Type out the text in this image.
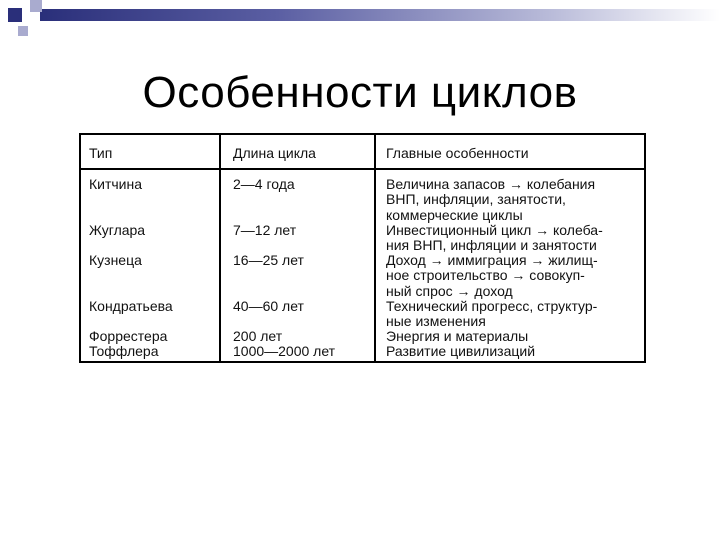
Особенности циклов
Тип	Длина цикла	Главные особенности
Китчина	2—4 года	Величина запасов → колебания
ВНП, инфляции, занятости,
коммерческие циклы
Жуглара	7—12 лет	Инвестиционный цикл → колеба-
ния ВНП, инфляции и занятости
Кузнеца	16—25 лет	Доход → иммиграция → жилищ-
ное строительство → совокуп-
ный спрос → доход
Кондратьева	40—60 лет	Технический прогресс, структур-
ные изменения
Форрестера	200 лет	Энергия и материалы
Тоффлера	1000—2000 лет	Развитие цивилизаций
